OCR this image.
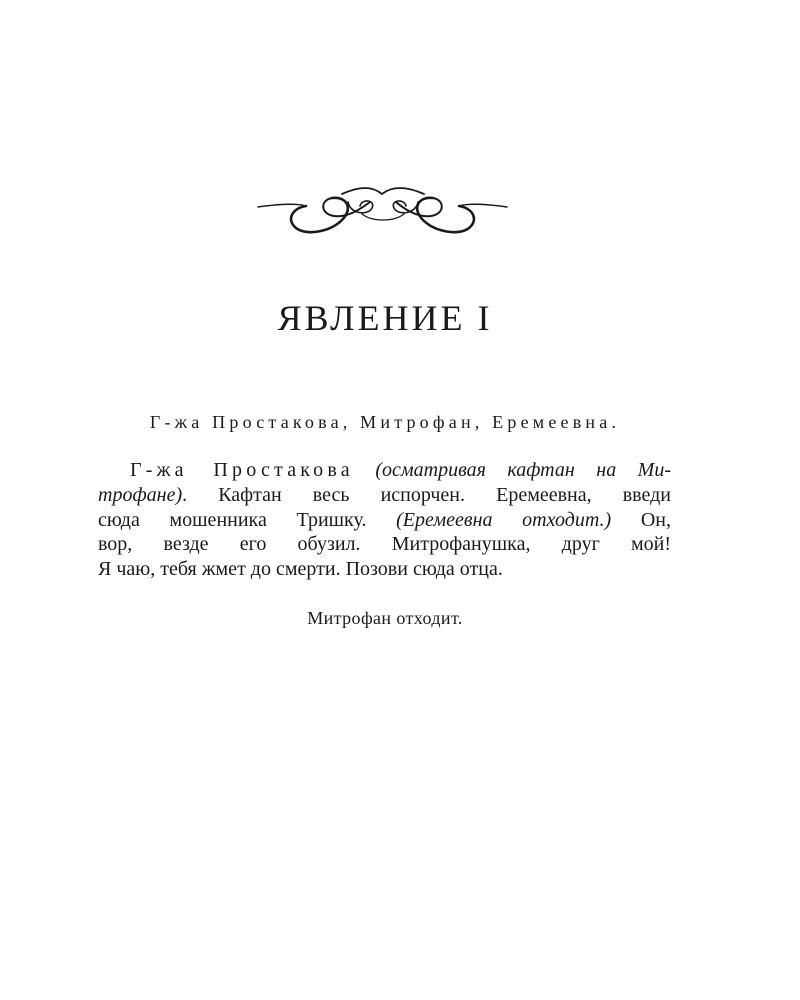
ЯВЛЕНИЕ I

Г-жа Простакова, Митрофан, Еремеевна.

Г-жа Простакова (осматривая кафтан на Ми-
трофане). Кафтан весь испорчен. Еремеевна, введи
сюда мошенника Тришку. (Еремеевна отходит.) Он,
вор, везде его обузил. Митрофанушка, друг мой!
Я чаю, тебя жмет до смерти. Позови сюда отца.

Митрофан отходит.
